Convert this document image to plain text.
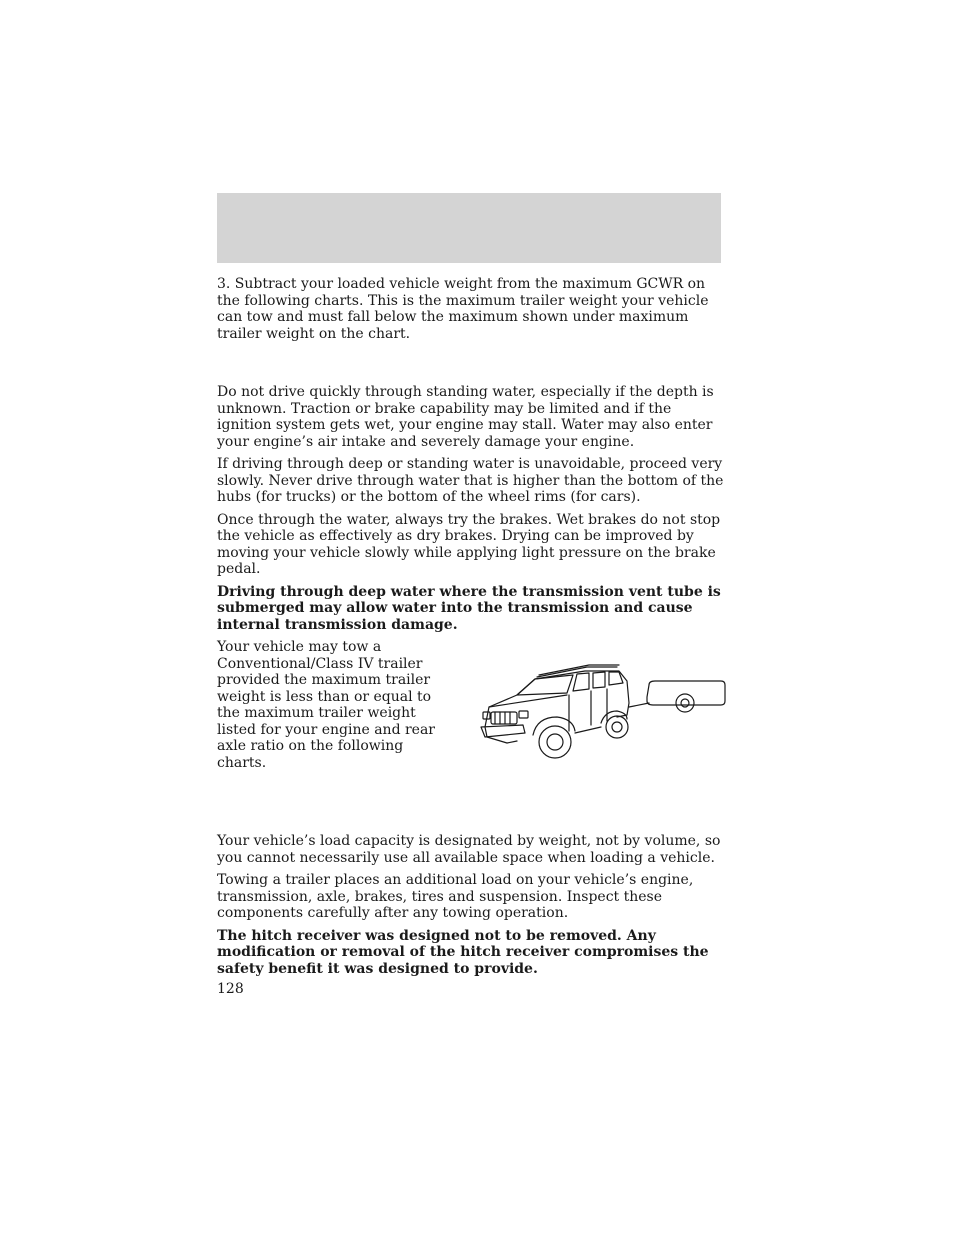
3. Subtract your loaded vehicle weight from the maximum GCWR on the following charts. This is the maximum trailer weight your vehicle can tow and must fall below the maximum shown under maximum trailer weight on the chart.

Do not drive quickly through standing water, especially if the depth is unknown. Traction or brake capability may be limited and if the ignition system gets wet, your engine may stall. Water may also enter your engine’s air intake and severely damage your engine.

If driving through deep or standing water is unavoidable, proceed very slowly. Never drive through water that is higher than the bottom of the hubs (for trucks) or the bottom of the wheel rims (for cars).

Once through the water, always try the brakes. Wet brakes do not stop the vehicle as effectively as dry brakes. Drying can be improved by moving your vehicle slowly while applying light pressure on the brake pedal.

Driving through deep water where the transmission vent tube is submerged may allow water into the transmission and cause internal transmission damage.

Your vehicle may tow a Conventional/Class IV trailer provided the maximum trailer weight is less than or equal to the maximum trailer weight listed for your engine and rear axle ratio on the following charts.

Your vehicle’s load capacity is designated by weight, not by volume, so you cannot necessarily use all available space when loading a vehicle.

Towing a trailer places an additional load on your vehicle’s engine, transmission, axle, brakes, tires and suspension. Inspect these components carefully after any towing operation.

The hitch receiver was designed not to be removed. Any modification or removal of the hitch receiver compromises the safety benefit it was designed to provide.

128
